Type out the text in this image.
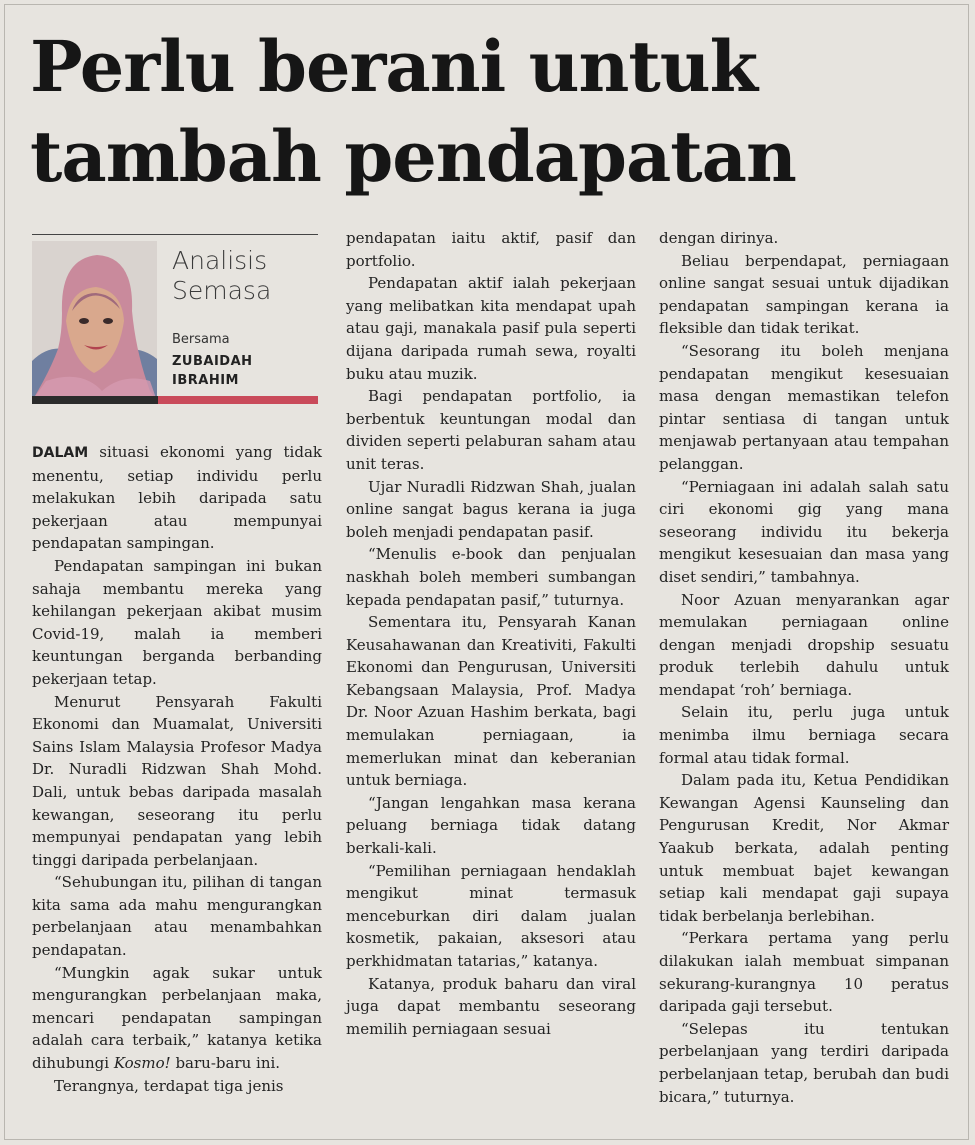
Perlu berani untuk
tambah pendapatan
Analisis
Semasa
Bersama
ZUBAIDAH
IBRAHIM

DALAM situasi ekonomi yang tidak menentu, setiap individu perlu melakukan lebih daripada satu pekerjaan atau mempunyai pendapatan sampingan.

Pendapatan sampingan ini bukan sahaja membantu mereka yang kehilangan pekerjaan akibat musim Covid-19, malah ia memberi keuntungan berganda berbanding pekerjaan tetap.

Menurut Pensyarah Fakulti Ekonomi dan Muamalat, Universiti Sains Islam Malaysia Profesor Madya Dr. Nuradli Ridzwan Shah Mohd. Dali, untuk bebas daripada masalah kewangan, seseorang itu perlu mempunyai pendapatan yang lebih tinggi daripada perbelanjaan.

“Sehubungan itu, pilihan di tangan kita sama ada mahu mengurangkan perbelanjaan atau menambahkan pendapatan.

“Mungkin agak sukar untuk mengurangkan perbelanjaan maka, mencari pendapatan sampingan adalah cara terbaik,” katanya ketika dihubungi Kosmo! baru-baru ini.

Terangnya, terdapat tiga jenis

pendapatan iaitu aktif, pasif dan portfolio.

Pendapatan aktif ialah pekerjaan yang melibatkan kita mendapat upah atau gaji, manakala pasif pula seperti dijana daripada rumah sewa, royalti buku atau muzik.

Bagi pendapatan portfolio, ia berbentuk keuntungan modal dan dividen seperti pelaburan saham atau unit teras.

Ujar Nuradli Ridzwan Shah, jualan online sangat bagus kerana ia juga boleh menjadi pendapatan pasif.

“Menulis e-book dan penjualan naskhah boleh memberi sumbangan kepada pendapatan pasif,” tuturnya.

Sementara itu, Pensyarah Kanan Keusahawanan dan Kreativiti, Fakulti Ekonomi dan Pengurusan, Universiti Kebangsaan Malaysia, Prof. Madya Dr. Noor Azuan Hashim berkata, bagi memulakan perniagaan, ia memerlukan minat dan keberanian untuk berniaga.

“Jangan lengahkan masa kerana peluang berniaga tidak datang berkali-kali.

“Pemilihan perniagaan hendaklah mengikut minat termasuk menceburkan diri dalam jualan kosmetik, pakaian, aksesori atau perkhidmatan tatarias,” katanya.

Katanya, produk baharu dan viral juga dapat membantu seseorang memilih perniagaan sesuai

dengan dirinya.

Beliau berpendapat, perniagaan online sangat sesuai untuk dijadikan pendapatan sampingan kerana ia fleksible dan tidak terikat.

“Sesorang itu boleh menjana pendapatan mengikut kesesuaian masa dengan memastikan telefon pintar sentiasa di tangan untuk menjawab pertanyaan atau tempahan pelanggan.

“Perniagaan ini adalah salah satu ciri ekonomi gig yang mana seseorang individu itu bekerja mengikut kesesuaian dan masa yang diset sendiri,” tambahnya.

Noor Azuan menyarankan agar memulakan perniagaan online dengan menjadi dropship sesuatu produk terlebih dahulu untuk mendapat ‘roh’ berniaga.

Selain itu, perlu juga untuk menimba ilmu berniaga secara formal atau tidak formal.

Dalam pada itu, Ketua Pendidikan Kewangan Agensi Kaunseling dan Pengurusan Kredit, Nor Akmar Yaakub berkata, adalah penting untuk membuat bajet kewangan setiap kali mendapat gaji supaya tidak berbelanja berlebihan.

“Perkara pertama yang perlu dilakukan ialah membuat simpanan sekurang-kurangnya 10 peratus daripada gaji tersebut.

“Selepas itu tentukan perbelanjaan yang terdiri daripada perbelanjaan tetap, berubah dan budi bicara,” tuturnya.
